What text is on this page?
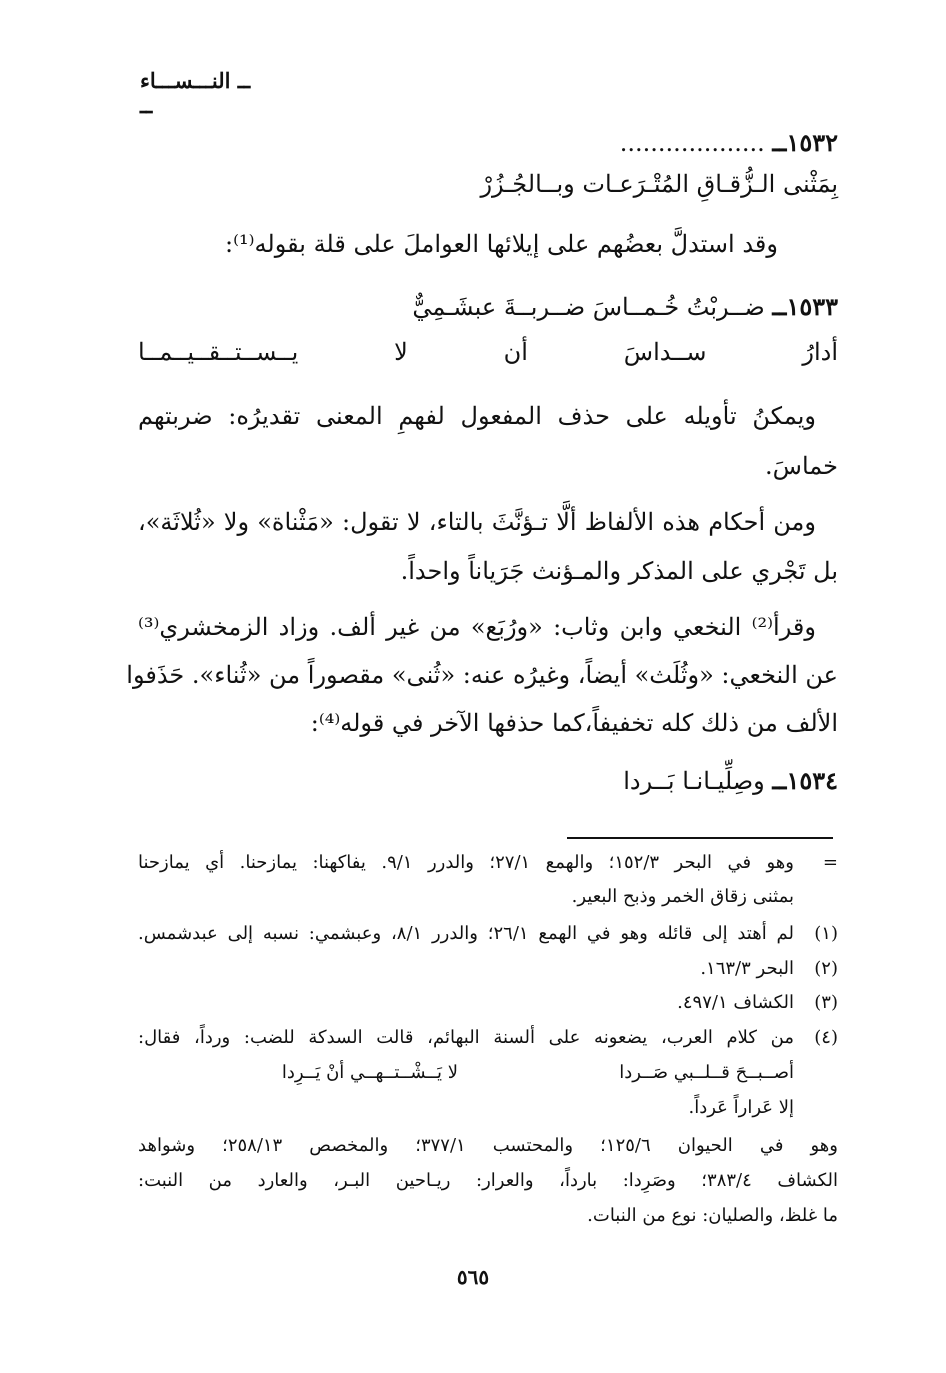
ــ النـــســـاء ــ
١٥٣٢ــ ...................
بِمَثْنى الـزُّقـاقِ المُتْـرَعـات وبــالجُـزُرْ
وقد استدلَّ بعضُهم على إيلائها العواملَ على قلة بقوله⁽¹⁾:
١٥٣٣ــ ضــربْتُ خُـمــاسَ ضــربــةَ عبشَـمِيٌّ
أدارُ ســداسَ أن لا يــســتــقــيــمــا
ويمكنُ تأويله على حذف المفعول لفهمِ المعنى تقديرُه: ضربتهم
خماسَ.
ومن أحكام هذه الألفاظ ألَّا تـؤنَّثَ بالتاء، لا تقول: «مَثْناة» ولا «ثُلاثَة»،
بل تَجْري على المذكر والمـؤنث جَرَياناً واحداً.
وقرأ⁽²⁾ النخعي وابن وثاب: «ورُبَع» من غير ألف. وزاد الزمخشري⁽³⁾
عن النخعي: «وثُلَث» أيضاً، وغيرُه عنه: «ثُنى» مقصوراً من «ثُناء». حَذَفوا
الألف من ذلك كله تخفيفاً،كما حذفها الآخر في قوله⁽⁴⁾:
١٥٣٤ــ وصِلِّيـانـا بَــردا
=
وهو في البحر ١٥٢/٣؛ والهمع ٢٧/١؛ والدرر ٩/١. يفاكهنا: يمازحنا. أي يمازحنا
بمثنى زقاق الخمر وذبح البعير.
(١)
لم أهتد إلى قائله وهو في الهمع ٢٦/١؛ والدرر ٨/١، وعبشمي: نسبه إلى عبدشمس.
(٢)
البحر ١٦٣/٣.
(٣)
الكشاف ٤٩٧/١.
(٤)
من كلام العرب، يضعونه على ألسنة البهائم، قالت السدكة للضب: ورداً، فقال:
أصــبــحَ قــلــبي صَــردا
لا يَــشْــتــهــي أنْ يَــرِدا
إلا عَراراً عَرداً.
وهو في الحيوان ١٢٥/٦؛ والمحتسب ٣٧٧/١؛ والمخصص ٢٥٨/١٣؛ وشواهد
الكشاف ٣٨٣/٤؛ وصَرِدا: بارداً، والعرار: ريـاحين البـر، والعارد من النبت:
ما غلظ، والصليان: نوع من النبات.
٥٦٥
